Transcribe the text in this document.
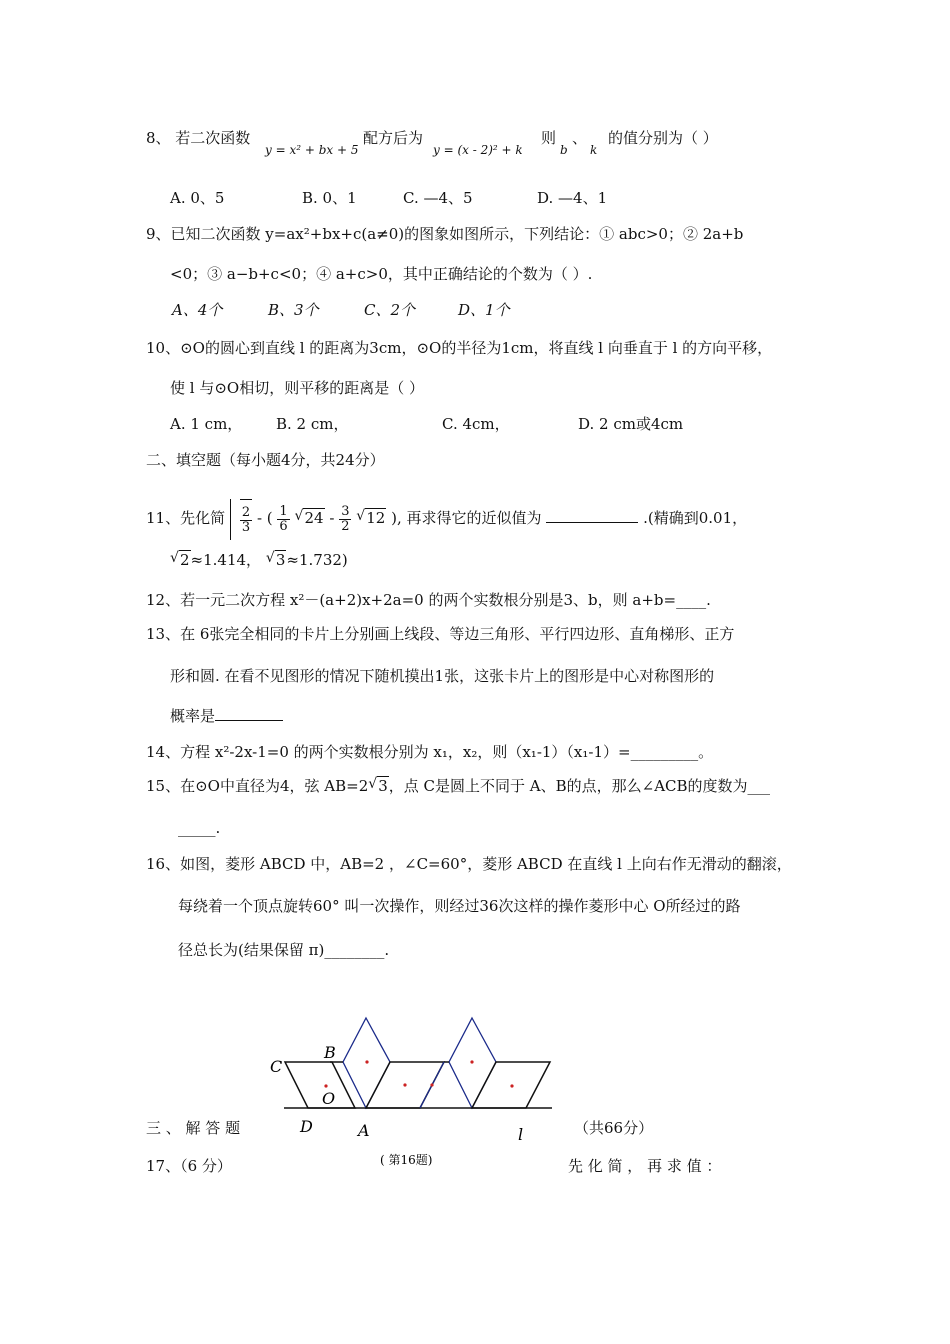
8、 若二次函数
y = x² + bx + 5
配方后为
y = (x - 2)² + k
则
b
、
k
的值分别为（ ）
A. 0、5	B. 0、1	C. —4、5	D. —4、1
9、已知二次函数 y=ax²+bx+c(a≠0)的图象如图所示，下列结论：① abc>0；② 2a+b
<0；③ a−b+c<0；④ a+c>0，其中正确结论的个数为（ ）.
A、4个	B、3个	C、2个	D、1个
10、⊙O的圆心到直线 l 的距离为3cm，⊙O的半径为1cm，将直线 l 向垂直于 l 的方向平移，
使 l 与⊙O相切，则平移的距离是（ ）
A. 1 cm， B. 2 cm，	C. 4cm，	D. 2 cm或4cm
二、填空题（每小题4分，共24分）
11、先化简 $\frac{2}{3}$ - ( $\frac{1}{6}$ √ $24 - \frac{3}{2}$ √ 12 ), 再求得它的近似值为	.(精确到0.01，
√ 2≈1.414， √ 3≈1.732)
12、若一元二次方程 x²－(a+2)x+2a=0 的两个实数根分别是3、b，则 a+b=____.
13、在 6张完全相同的卡片上分别画上线段、等边三角形、平行四边形、直角梯形、正方
形和圆. 在看不见图形的情况下随机摸出1张，这张卡片上的图形是中心对称图形的
概率是
14、方程 x²-2x-1=0 的两个实数根分别为 x₁，x₂，则（x₁-1）（x₁-1）=_________。
15、在⊙O中直径为4，弦 AB=2 √ 3，点 C是圆上不同于 A、B的点，那么∠ACB的度数为___
_____.
16、如图，菱形 ABCD 中，AB=2 ，∠C=60°，菱形 ABCD 在直线 l 上向右作无滑动的翻滚，
每绕着一个顶点旋转60° 叫一次操作，则经过36次这样的操作菱形中心 O所经过的路
径总长为(结果保留 π)________.
C
B
O
D	A	l
( 第16题)
三 、 解 答 题	（共66分）
17、（6 分）	先 化 简 ， 再 求 值 ：
